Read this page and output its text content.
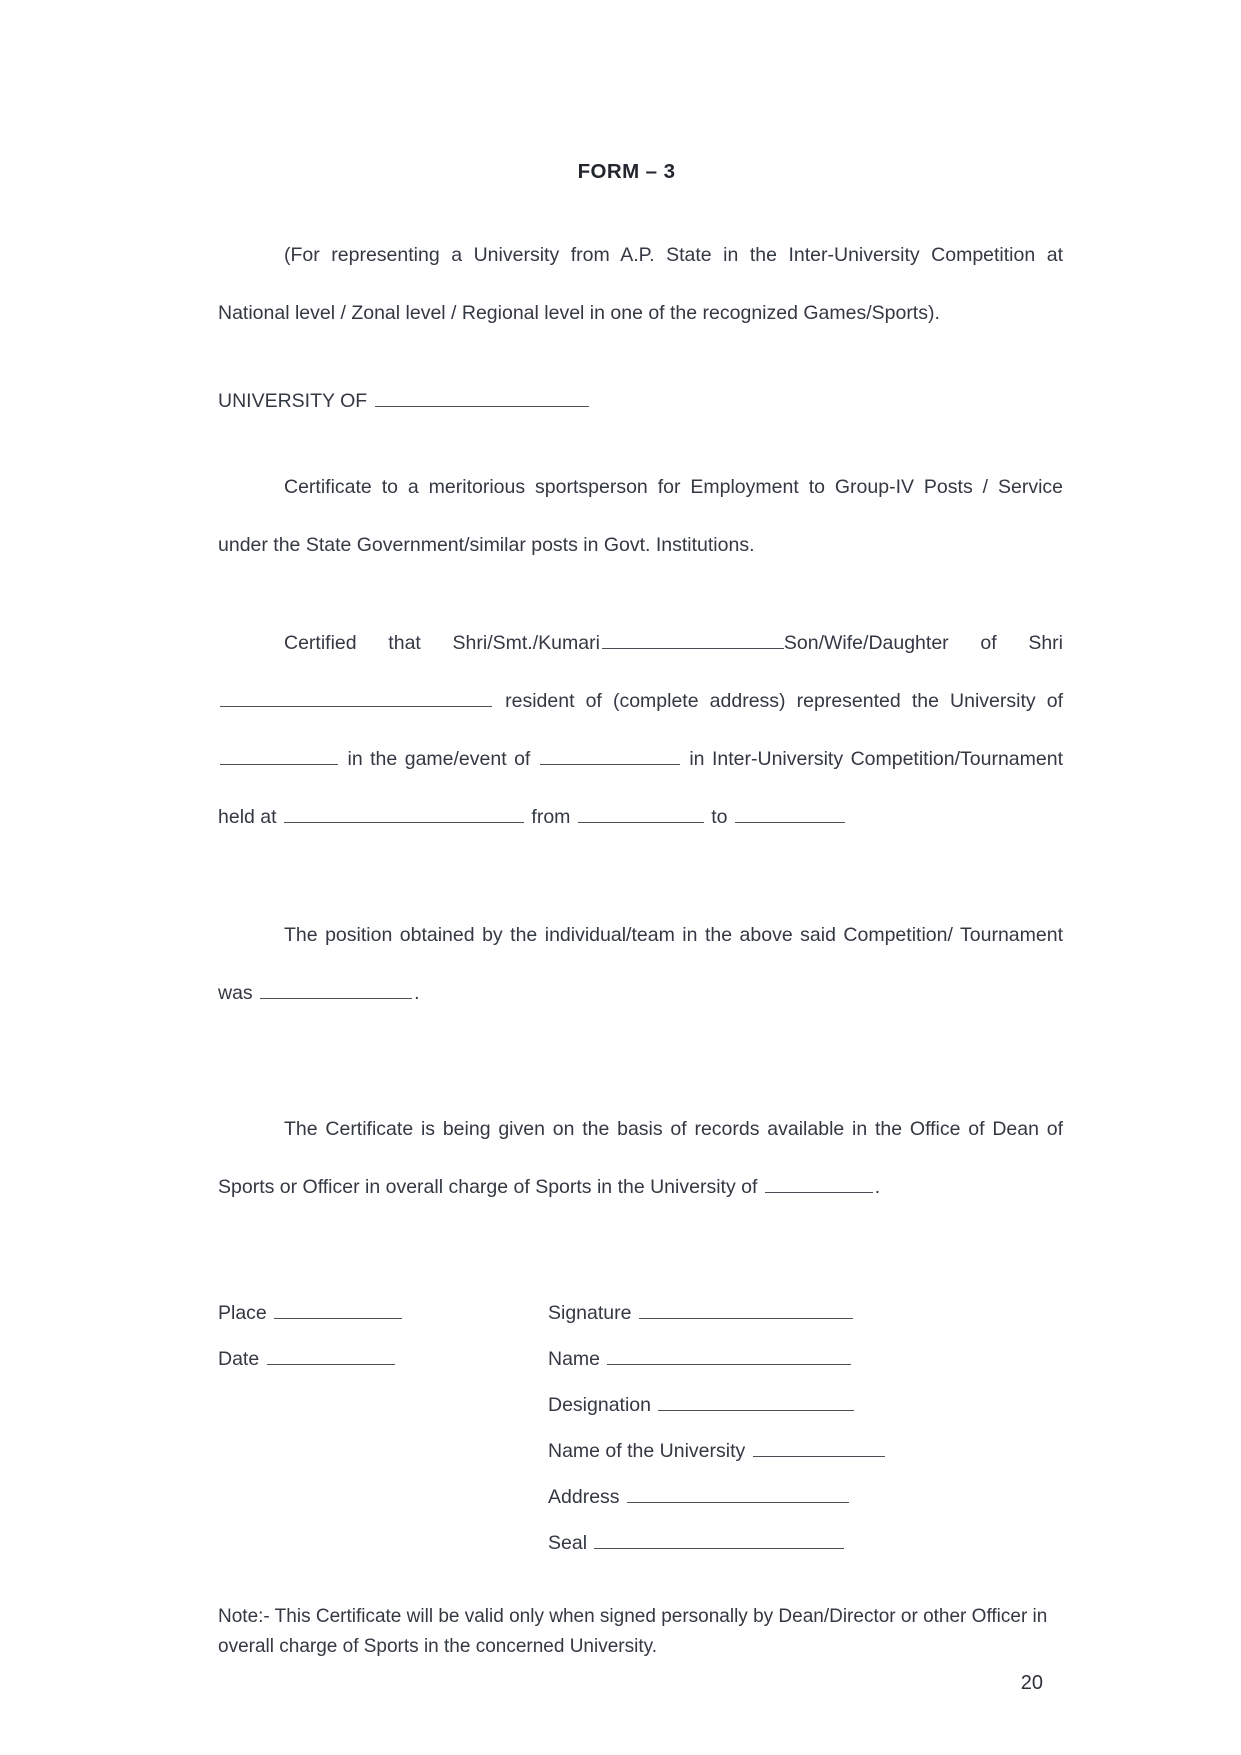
FORM – 3

(For representing a University from A.P. State in the Inter-University Competition at National level / Zonal level / Regional level in one of the recognized Games/Sports).

UNIVERSITY OF

Certificate to a meritorious sportsperson for Employment to Group-IV Posts / Service under the State Government/similar posts in Govt. Institutions.

Certified that Shri/Smt./Kumari	Son/Wife/Daughter of Shri  resident of (complete address) represented the University of  in the game/event of	in Inter-University Competition/Tournament held at	from	to

The position obtained by the individual/team in the above said Competition/ Tournament was	.

The Certificate is being given on the basis of records available in the Office of Dean of Sports or Officer in overall charge of Sports in the University of	.

Place
Date
Signature
Name
Designation
Name of the University
Address
Seal

Note:- This Certificate will be valid only when signed personally by Dean/Director or other Officer in overall charge of Sports in the concerned University.

20
